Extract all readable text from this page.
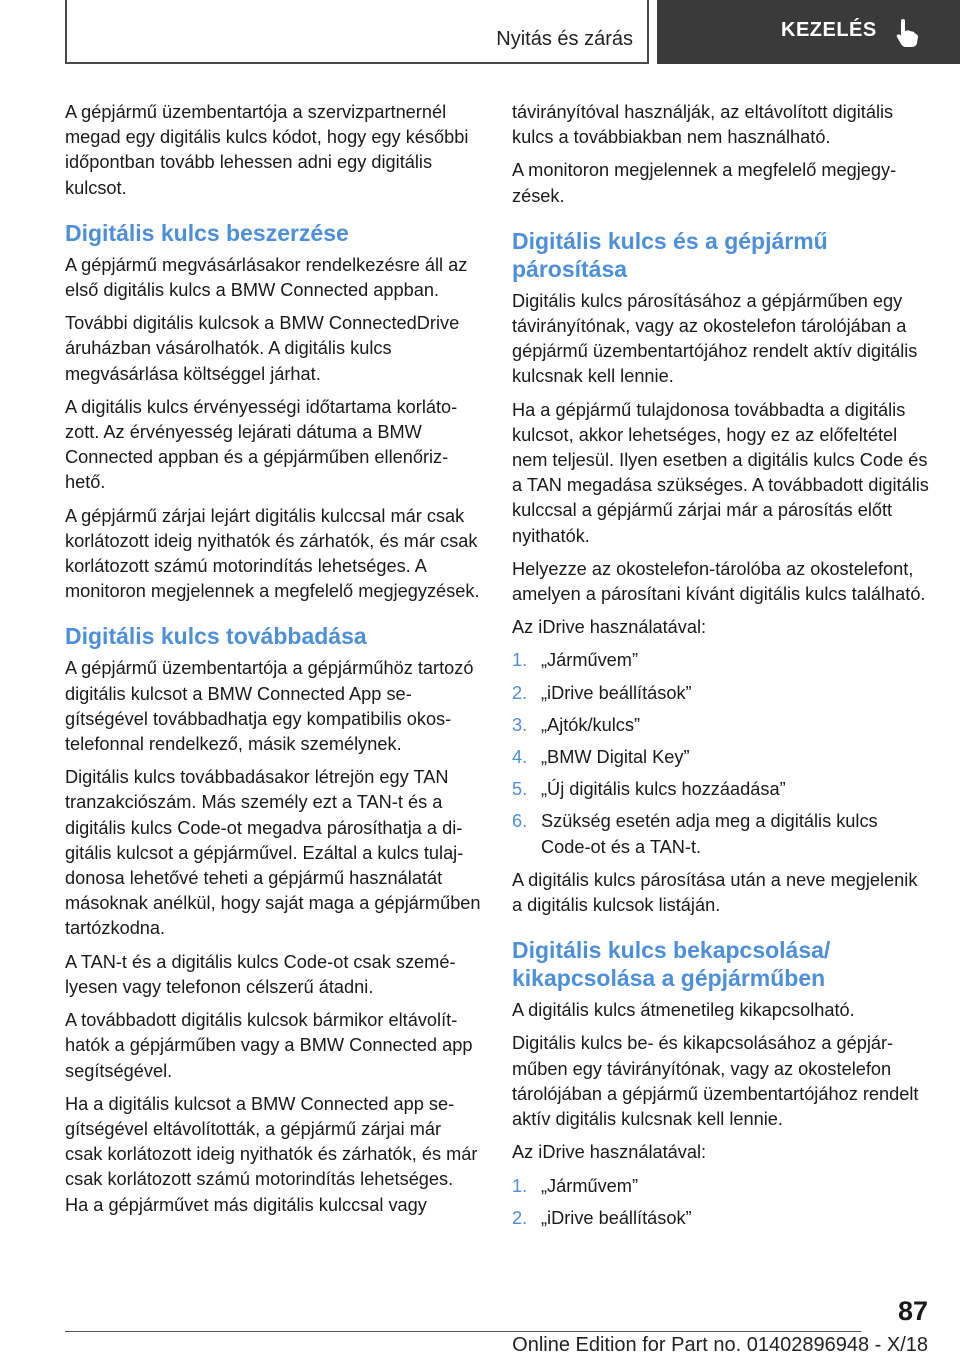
Nyitás és zárás	KEZELÉS

A gépjármű üzembentartója a szervizpartnernél megad egy digitális kulcs kódot, hogy egy későbbi időpontban tovább lehessen adni egy digitális kulcsot.

Digitális kulcs beszerzése

A gépjármű megvásárlásakor rendelkezésre áll az első digitális kulcs a BMW Connected appban.

További digitális kulcsok a BMW ConnectedDrive áruházban vásárolhatók. A digitális kulcs megvásárlása költséggel járhat.

A digitális kulcs érvényességi időtartama korlátozott. Az érvényesség lejárati dátuma a BMW Connected appban és a gépjárműben ellenőrizhető.

A gépjármű zárjai lejárt digitális kulccsal már csak korlátozott ideig nyithatók és zárhatók, és már csak korlátozott számú motorindítás lehetséges. A monitoron megjelennek a megfelelő megjegyzések.

Digitális kulcs továbbadása

A gépjármű üzembentartója a gépjárműhöz tartozó digitális kulcsot a BMW Connected App segítségével továbbadhatja egy kompatibilis okostelefonnal rendelkező, másik személynek.

Digitális kulcs továbbadásakor létrejön egy TAN tranzakciószám. Más személy ezt a TAN-t és a digitális kulcs Code-ot megadva párosíthatja a digitális kulcsot a gépjárművel. Ezáltal a kulcs tulajdonosa lehetővé teheti a gépjármű használatát másoknak anélkül, hogy saját maga a gépjárműben tartózkodna.

A TAN-t és a digitális kulcs Code-ot csak személyesen vagy telefonon célszerű átadni.

A továbbadott digitális kulcsok bármikor eltávolíthatók a gépjárműben vagy a BMW Connected app segítségével.

Ha a digitális kulcsot a BMW Connected app segítségével eltávolították, a gépjármű zárjai már csak korlátozott ideig nyithatók és zárhatók, és már csak korlátozott számú motorindítás lehetséges. Ha a gépjárművet más digitális kulccsal vagy

távirányítóval használják, az eltávolított digitális kulcs a továbbiakban nem használható.

A monitoron megjelennek a megfelelő megjegyzések.

Digitális kulcs és a gépjármű párosítása

Digitális kulcs párosításához a gépjárműben egy távirányítónak, vagy az okostelefon tárolójában a gépjármű üzembentartójához rendelt aktív digitális kulcsnak kell lennie.

Ha a gépjármű tulajdonosa továbbadta a digitális kulcsot, akkor lehetséges, hogy ez az előfeltétel nem teljesül. Ilyen esetben a digitális kulcs Code és a TAN megadása szükséges. A továbbadott digitális kulccsal a gépjármű zárjai már a párosítás előtt nyithatók.

Helyezze az okostelefon-tárolóba az okostelefont, amelyen a párosítani kívánt digitális kulcs található.

Az iDrive használatával:

1. „Járművem”
2. „iDrive beállítások”
3. „Ajtók/kulcs”
4. „BMW Digital Key”
5. „Új digitális kulcs hozzáadása”
6. Szükség esetén adja meg a digitális kulcs Code-ot és a TAN-t.

A digitális kulcs párosítása után a neve megjelenik a digitális kulcsok listáján.

Digitális kulcs bekapcsolása/ kikapcsolása a gépjárműben

A digitális kulcs átmenetileg kikapcsolható.

Digitális kulcs be- és kikapcsolásához a gépjárműben egy távirányítónak, vagy az okostelefon tárolójában a gépjármű üzembentartójához rendelt aktív digitális kulcsnak kell lennie.

Az iDrive használatával:

1. „Járművem”
2. „iDrive beállítások”
87
Online Edition for Part no. 01402896948 - X/18
